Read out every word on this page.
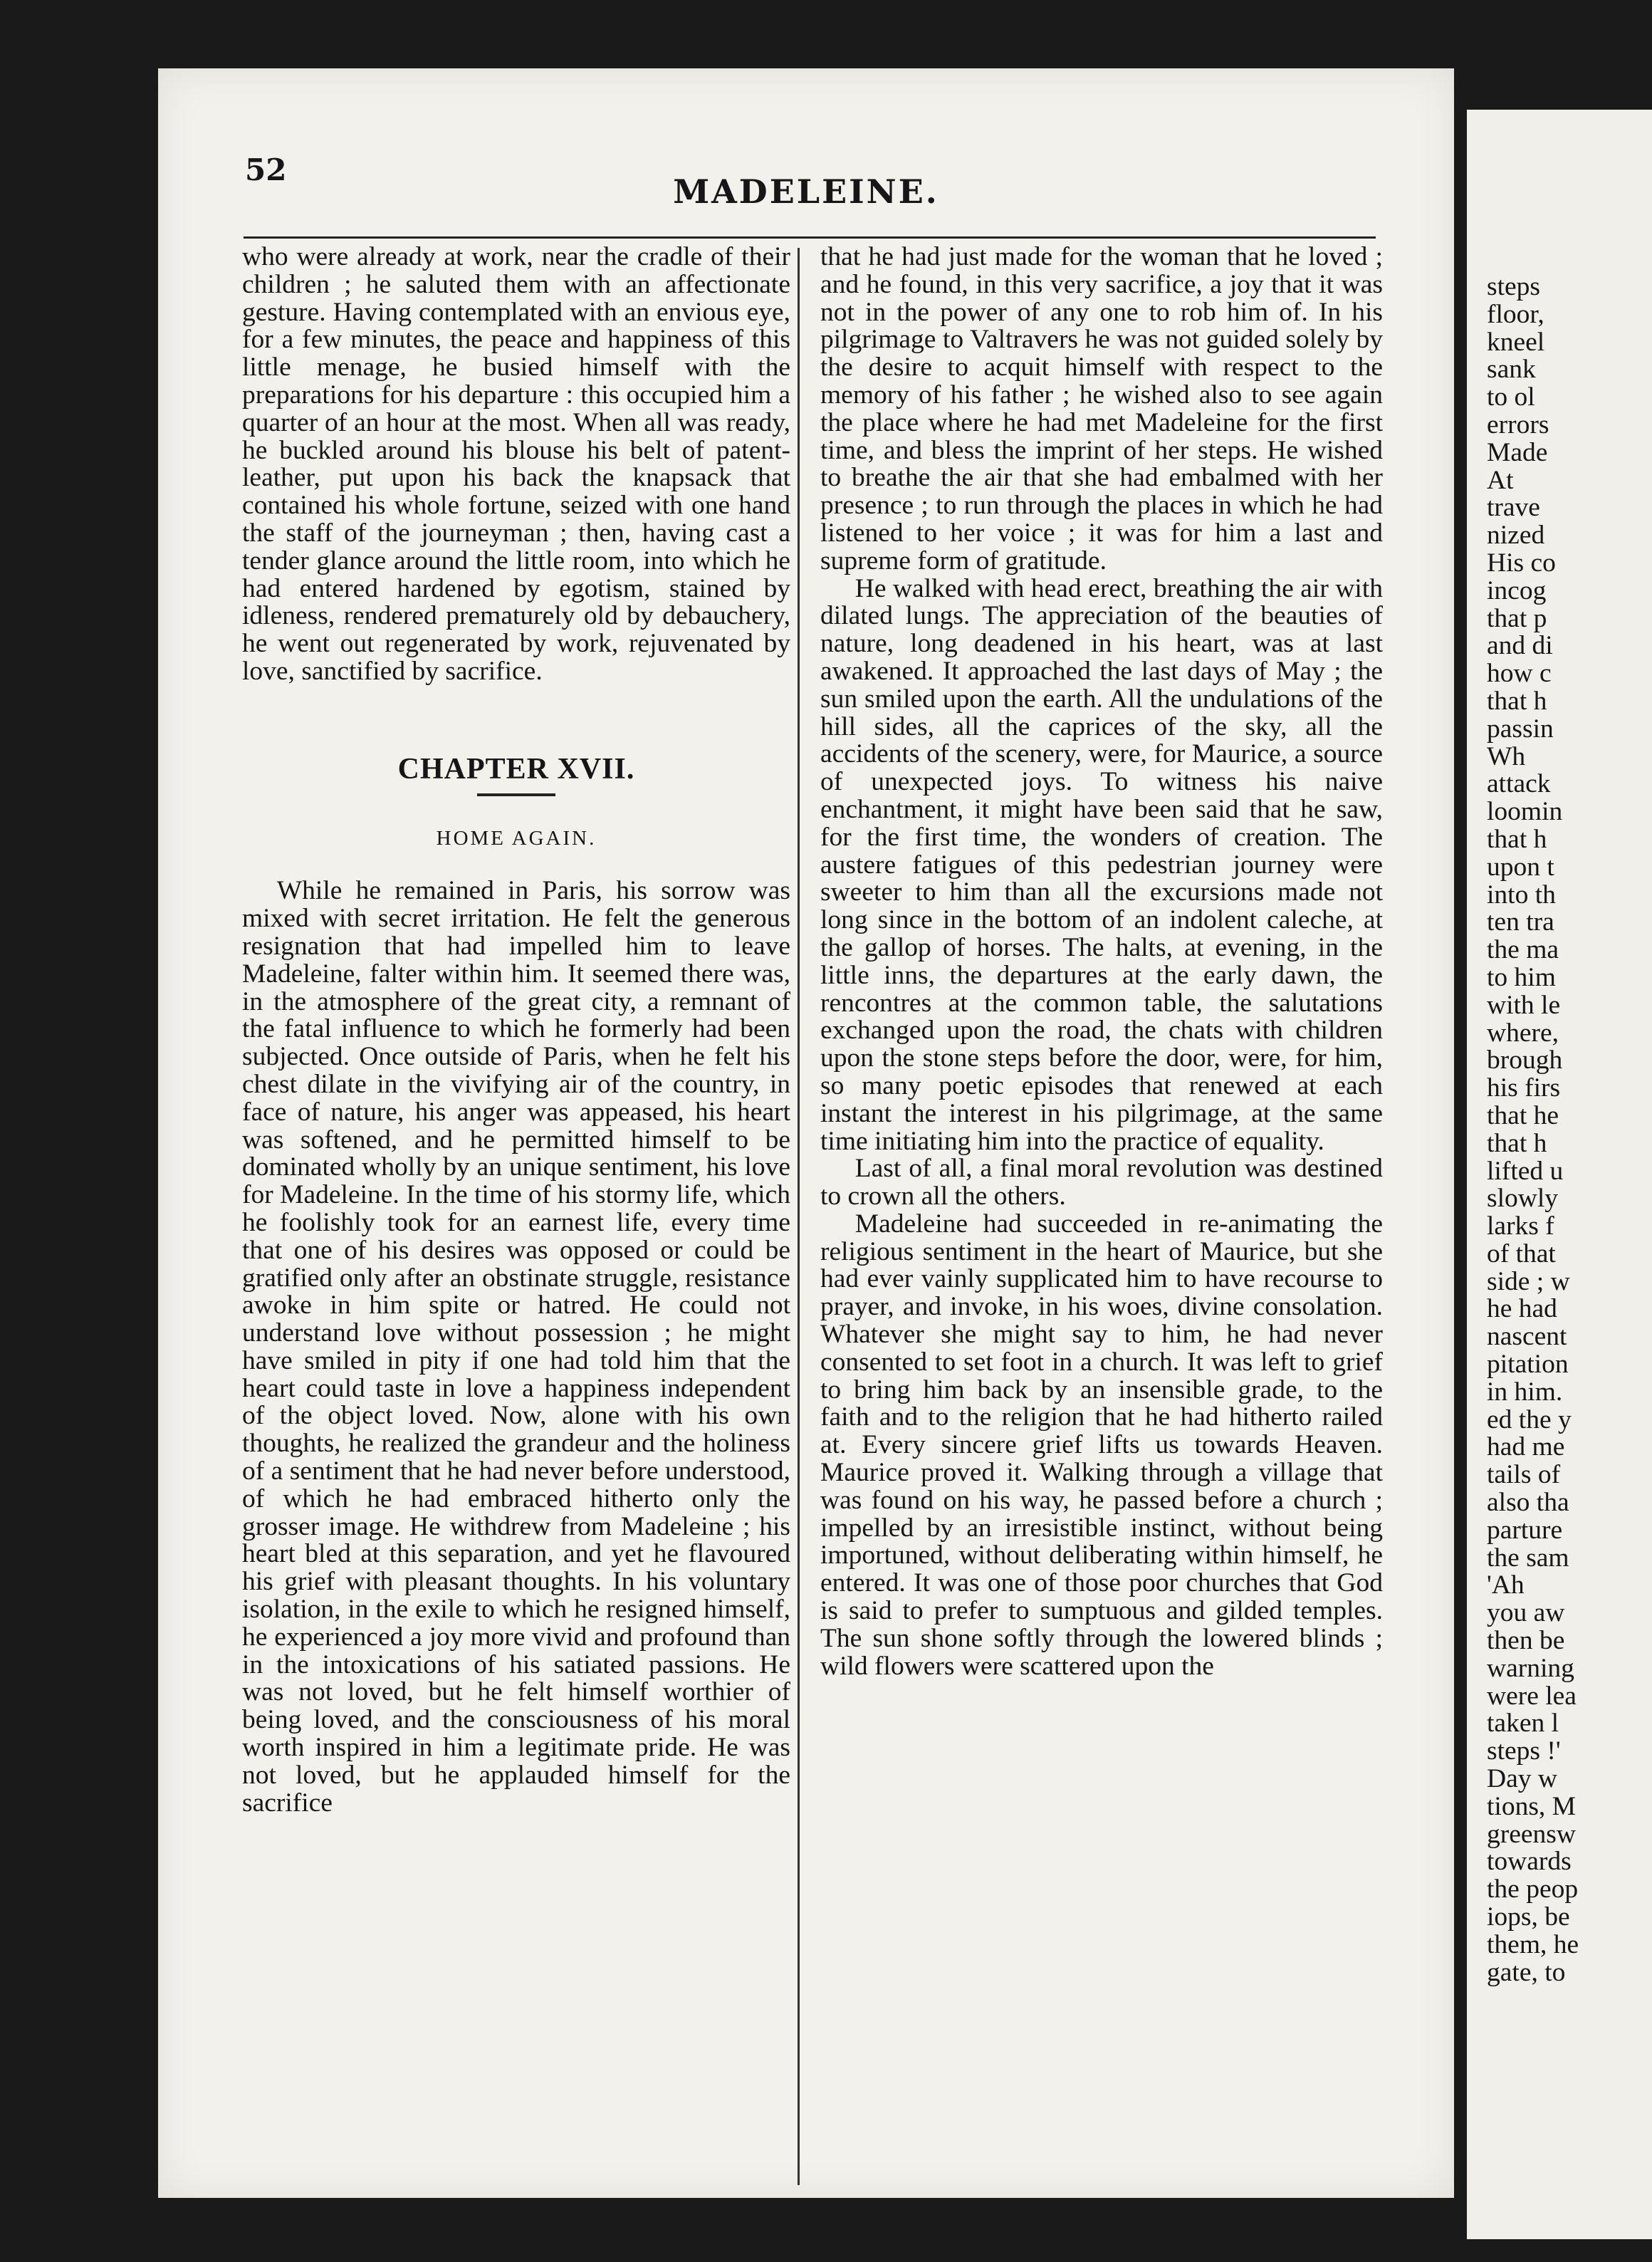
52
MADELEINE.

who were already at work, near the cradle of their children ; he saluted them with an affectionate gesture. Having contemplated with an envious eye, for a few minutes, the peace and happiness of this little menage, he busied himself with the preparations for his departure : this occupied him a quarter of an hour at the most. When all was ready, he buckled around his blouse his belt of patent-leather, put upon his back the knapsack that contained his whole fortune, seized with one hand the staff of the journeyman ; then, having cast a tender glance around the little room, into which he had entered hardened by egotism, stained by idleness, rendered prematurely old by debauchery, he went out regenerated by work, rejuvenated by love, sanctified by sacrifice.

CHAPTER XVII.
HOME AGAIN.

While he remained in Paris, his sorrow was mixed with secret irritation. He felt the generous resignation that had impelled him to leave Madeleine, falter within him. It seemed there was, in the atmosphere of the great city, a remnant of the fatal influence to which he formerly had been subjected. Once outside of Paris, when he felt his chest dilate in the vivifying air of the country, in face of nature, his anger was appeased, his heart was softened, and he permitted himself to be dominated wholly by an unique sentiment, his love for Madeleine. In the time of his stormy life, which he foolishly took for an earnest life, every time that one of his desires was opposed or could be gratified only after an obstinate struggle, resistance awoke in him spite or hatred. He could not understand love without possession ; he might have smiled in pity if one had told him that the heart could taste in love a happiness independent of the object loved. Now, alone with his own thoughts, he realized the grandeur and the holiness of a sentiment that he had never before understood, of which he had embraced hitherto only the grosser image. He withdrew from Madeleine ; his heart bled at this separation, and yet he flavoured his grief with pleasant thoughts. In his voluntary isolation, in the exile to which he resigned himself, he experienced a joy more vivid and profound than in the intoxications of his satiated passions. He was not loved, but he felt himself worthier of being loved, and the consciousness of his moral worth inspired in him a legitimate pride. He was not loved, but he applauded himself for the sacrifice

that he had just made for the woman that he loved ; and he found, in this very sacrifice, a joy that it was not in the power of any one to rob him of. In his pilgrimage to Valtravers he was not guided solely by the desire to acquit himself with respect to the memory of his father ; he wished also to see again the place where he had met Madeleine for the first time, and bless the imprint of her steps. He wished to breathe the air that she had embalmed with her presence ; to run through the places in which he had listened to her voice ; it was for him a last and supreme form of gratitude.

He walked with head erect, breathing the air with dilated lungs. The appreciation of the beauties of nature, long deadened in his heart, was at last awakened. It approached the last days of May ; the sun smiled upon the earth. All the undulations of the hill sides, all the caprices of the sky, all the accidents of the scenery, were, for Maurice, a source of unexpected joys. To witness his naive enchantment, it might have been said that he saw, for the first time, the wonders of creation. The austere fatigues of this pedestrian journey were sweeter to him than all the excursions made not long since in the bottom of an indolent caleche, at the gallop of horses. The halts, at evening, in the little inns, the departures at the early dawn, the rencontres at the common table, the salutations exchanged upon the road, the chats with children upon the stone steps before the door, were, for him, so many poetic episodes that renewed at each instant the interest in his pilgrimage, at the same time initiating him into the practice of equality.

Last of all, a final moral revolution was destined to crown all the others.

Madeleine had succeeded in re-animating the religious sentiment in the heart of Maurice, but she had ever vainly supplicated him to have recourse to prayer, and invoke, in his woes, divine consolation. Whatever she might say to him, he had never consented to set foot in a church. It was left to grief to bring him back by an insensible grade, to the faith and to the religion that he had hitherto railed at. Every sincere grief lifts us towards Heaven. Maurice proved it. Walking through a village that was found on his way, he passed before a church ; impelled by an irresistible instinct, without being importuned, without deliberating within himself, he entered. It was one of those poor churches that God is said to prefer to sumptuous and gilded temples. The sun shone softly through the lowered blinds ; wild flowers were scattered upon the

steps
floor,
kneel
sank
to ol
errors
Made
At
trave
nized
His co
incog
that p
and di
how c
that h
passin
Wh
attack
loomin
that h
upon t
into th
ten tra
the ma
to him
with le
where,
brough
his firs
that he
that h
lifted u
slowly
larks f
of that
side ; w
he had
nascent
pitation
in him.
ed the y
had me
tails of
also tha
parture
the sam
'Ah
you aw
then be
warning
were lea
taken l
steps !'
Day w
tions, M
greensw
towards
the peop
iops, be
them, he
gate, to
